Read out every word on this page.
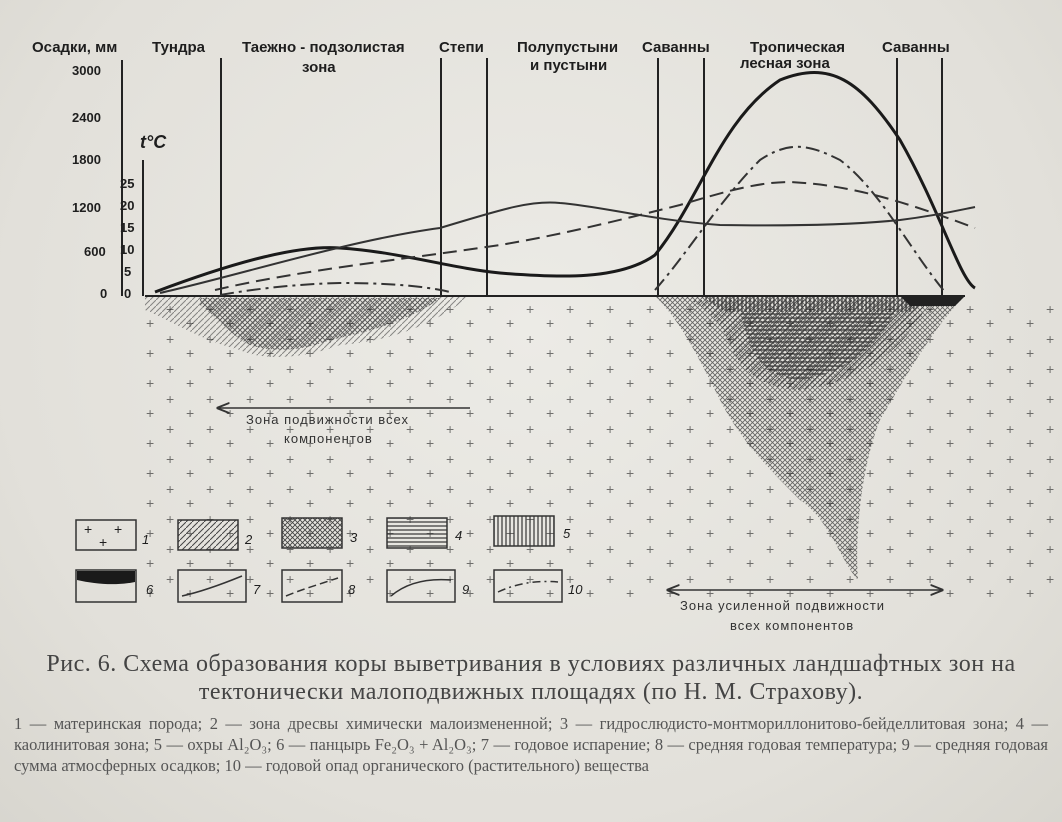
Осадки, мм
t°C
3000
2400
1800
1200
600
0
25
20
15
10
5
0
Тундра Таежно - подзолистая
зона
Степи Полупустыни
и пустыни
Саванны	Тропическая
лесная зона
Саванны
Зона подвижности всех
компонентов
Зона усиленной подвижности
всех компонентов
+ +
+	1	2	3	4	5
6	7	8	9	10

Рис. 6. Схема образования коры выветривания в условиях различных ландшафтных зон на тектонически малоподвижных площадях (по Н. М. Страхову).

1 — материнская порода; 2 — зона дресвы химически малоизмененной; 3 — гидрослюдисто-монтмориллонитово-бейделлитовая зона; 4 — каолинитовая зона; 5 — охры Al₂O₃; 6 — панцырь Fe₂O₃ + Al₂O₃; 7 — годовое испарение; 8 — средняя годовая температура; 9 — средняя годовая сумма атмосферных осадков; 10 — годовой опад органического (растительного) вещества
